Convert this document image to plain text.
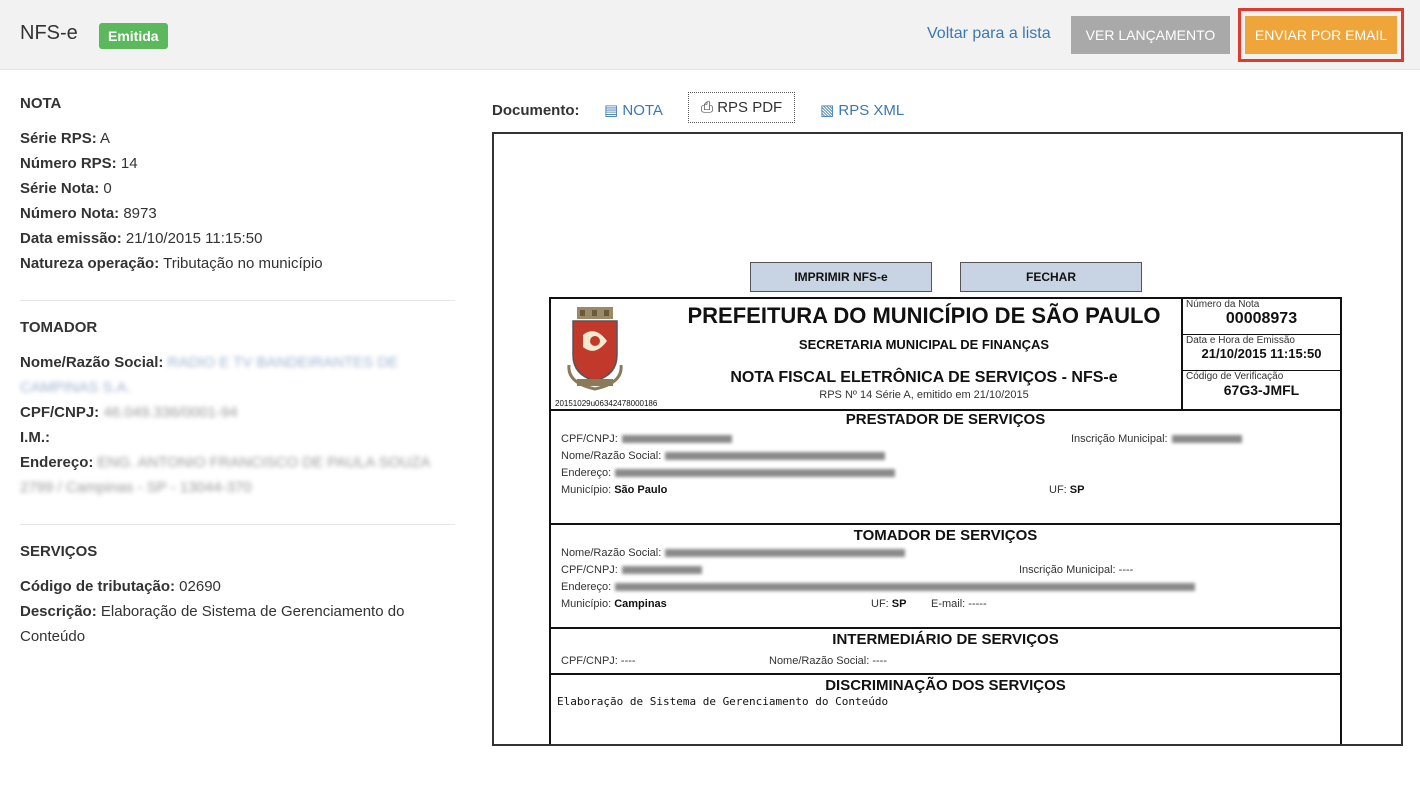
NFS-e	Emitida	Voltar para a lista	VER LANÇAMENTO	ENVIAR POR EMAIL
NOTA
Série RPS: A
Número RPS: 14
Série Nota: 0
Número Nota: 8973
Data emissão: 21/10/2015 11:15:50
Natureza operação: Tributação no município
TOMADOR
Nome/Razão Social: RADIO E TV BANDEIRANTES DE CAMPINAS S.A.
CPF/CNPJ: 46.049.336/0001-94
I.M.:
Endereço: ENG. ANTONIO FRANCISCO DE PAULA SOUZA 2799 / Campinas - SP - 13044-370
SERVIÇOS
Código de tributação: 02690
Descrição: Elaboração de Sistema de Gerenciamento do Conteúdo
Documento: ▤ NOTA	⎙ RPS PDF	▧ RPS XML
IMPRIMIR NFS-e	FECHAR
20151029u06342478000186
PREFEITURA DO MUNICÍPIO DE SÃO PAULO
SECRETARIA MUNICIPAL DE FINANÇAS
NOTA FISCAL ELETRÔNICA DE SERVIÇOS - NFS-e
RPS Nº 14 Série A, emitido em 21/10/2015
Número da Nota
00008973
Data e Hora de Emissão
21/10/2015 11:15:50
Código de Verificação
67G3-JMFL
PRESTADOR DE SERVIÇOS
CPF/CNPJ:	Inscrição Municipal:
Nome/Razão Social:
Endereço:
Município: São Paulo	UF: SP
TOMADOR DE SERVIÇOS
Nome/Razão Social:
CPF/CNPJ:	Inscrição Municipal: ----
Endereço:
Município: Campinas	UF: SP E-mail: -----
INTERMEDIÁRIO DE SERVIÇOS
CPF/CNPJ: ----	Nome/Razão Social: ----
DISCRIMINAÇÃO DOS SERVIÇOS
Elaboração de Sistema de Gerenciamento do Conteúdo
